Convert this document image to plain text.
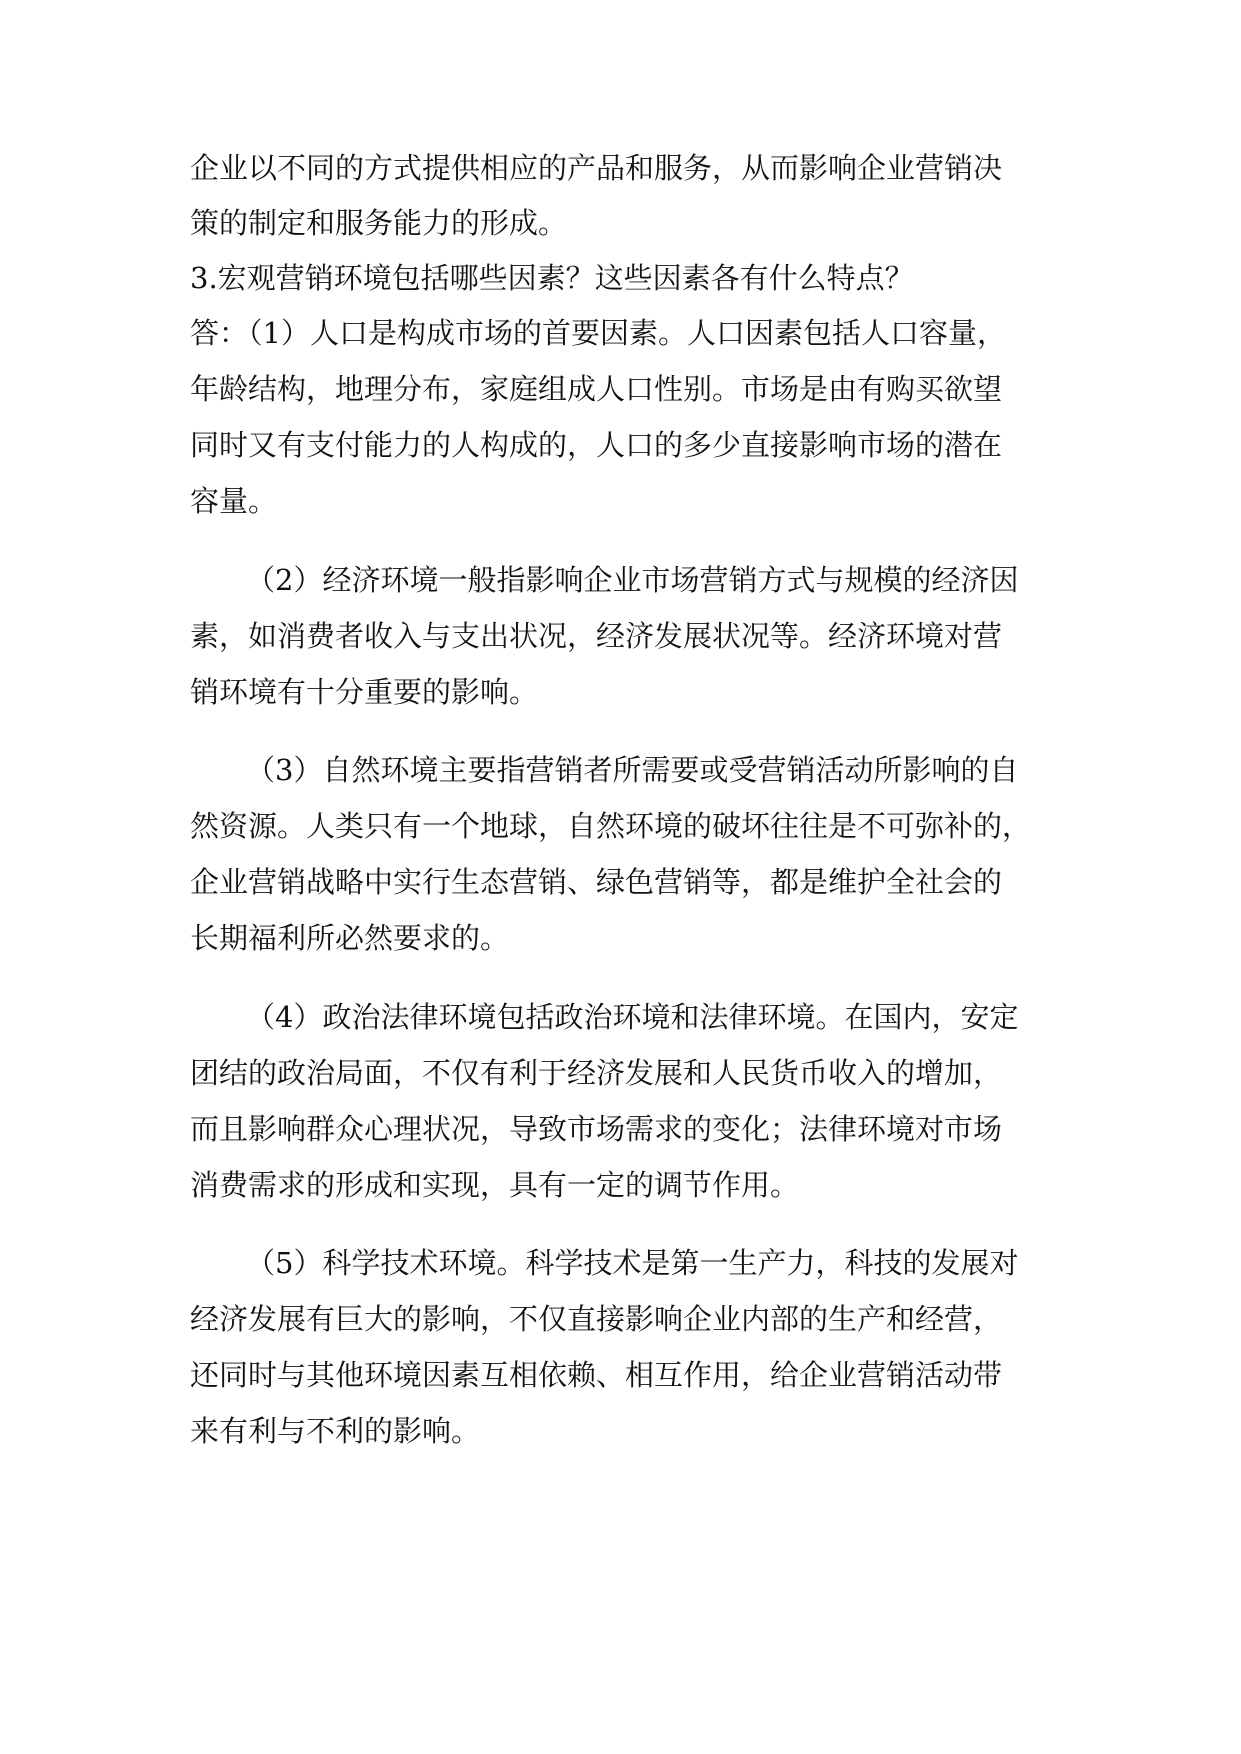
企业以不同的方式提供相应的产品和服务，从而影响企业营销决

策的制定和服务能力的形成。

3.宏观营销环境包括哪些因素？这些因素各有什么特点？

答：（1）人口是构成市场的首要因素。人口因素包括人口容量，

年龄结构，地理分布，家庭组成人口性别。市场是由有购买欲望

同时又有支付能力的人构成的，人口的多少直接影响市场的潜在

容量。

（2）经济环境一般指影响企业市场营销方式与规模的经济因

素，如消费者收入与支出状况，经济发展状况等。经济环境对营

销环境有十分重要的影响。

（3）自然环境主要指营销者所需要或受营销活动所影响的自

然资源。人类只有一个地球，自然环境的破坏往往是不可弥补的，

企业营销战略中实行生态营销、绿色营销等，都是维护全社会的

长期福利所必然要求的。

（4）政治法律环境包括政治环境和法律环境。在国内，安定

团结的政治局面，不仅有利于经济发展和人民货币收入的增加，

而且影响群众心理状况，导致市场需求的变化；法律环境对市场

消费需求的形成和实现，具有一定的调节作用。

（5）科学技术环境。科学技术是第一生产力，科技的发展对

经济发展有巨大的影响，不仅直接影响企业内部的生产和经营，

还同时与其他环境因素互相依赖、相互作用，给企业营销活动带

来有利与不利的影响。
